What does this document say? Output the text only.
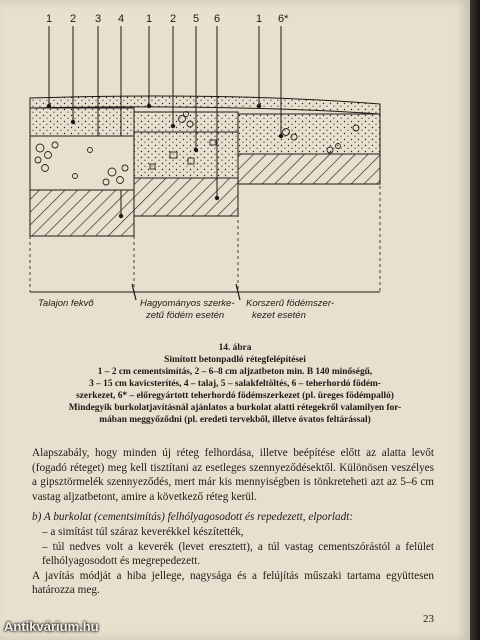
1 2 3 4 1 2 5 6	1 6*
Talajon fekvő	Hagyományos szerke-
zetű födém esetén
Korszerű födémszer-
kezet esetén
14. ábra
Simított betonpadló rétegfelépítései
1 – 2 cm cementsimítás, 2 – 6–8 cm aljzatbeton min. B 140 minőségű,
3 – 15 cm kavicsterítés, 4 – talaj, 5 – salakfeltöltés, 6 – teherhordó födém-
szerkezet, 6* – előregyártott teherhordó födémszerkezet (pl. üreges födémpalló)
Mindegyik burkolatjavításnál ajánlatos a burkolat alatti rétegekről valamilyen for-
mában meggyőződni (pl. eredeti tervekből, illetve óvatos feltárással)

Alapszabály, hogy minden új réteg felhordása, illetve beépítése előtt az alatta levőt (fogadó réteget) meg kell tisztítani az esetleges szennyeződésektől. Különösen veszélyes a gipsztörmelék szennyeződés, mert már kis mennyiségben is tönkreteheti azt az 5–6 cm vastag aljzatbetont, amire a következő réteg kerül.

b) A burkolat (cementsimítás) felhólyagosodott és repedezett, elporladt:

– a simítást túl száraz keverékkel készítették,

– túl nedves volt a keverék (levet eresztett), a túl vastag cementszórástól a felület felhólyagosodott és megrepedezett.

A javítás módját a hiba jellege, nagysága és a felújítás műszaki tartama együttesen határozza meg.

23
Antikvárium.hu
